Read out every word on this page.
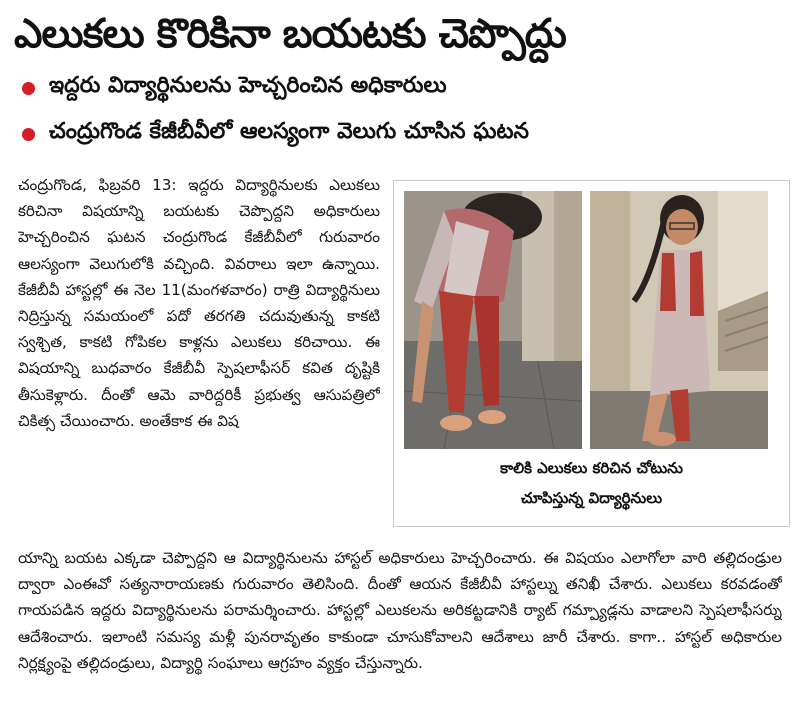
ఎలుకలు కొరికినా బయటకు చెప్పొద్దు
ఇద్దరు విద్యార్థినులను హెచ్చరించిన అధికారులు
చంద్రుగొండ కేజీబీవీలో ఆలస్యంగా వెలుగు చూసిన ఘటన

చంద్రుగొండ, ఫిబ్రవరి 13: ఇద్దరు విద్యార్థినులకు ఎలుకలు కరిచినా విషయాన్ని బయటకు చెప్పొద్దని అధికారులు హెచ్చరించిన ఘటన చంద్రుగొండ కేజీబీవీలో గురువారం ఆలస్యంగా వెలుగులోకి వచ్చింది. వివరాలు ఇలా ఉన్నాయి. కేజీబీవీ హాస్టల్లో ఈ నెల 11(మంగళవారం) రాత్రి విద్యార్థినులు నిద్రిస్తున్న సమయంలో పదో తరగతి చదువుతున్న కాకటి స్వశ్చిత, కాకటి గోపికల కాళ్లను ఎలుకలు కరిచాయి. ఈ విషయాన్ని బుధవారం కేజీబీవీ స్పెషలాఫీసర్ కవిత దృష్టికి తీసుకెళ్లారు. దీంతో ఆమె వారిద్దరికీ ప్రభుత్వ ఆసుపత్రిలో చికిత్స చేయించారు. అంతేకాక ఈ విష

కాలికి ఎలుకలు కరిచిన చోటును
చూపిస్తున్న విద్యార్థినులు

యాన్ని బయట ఎక్కడా చెప్పొద్దని ఆ విద్యార్థినులను హాస్టల్ అధికారులు హెచ్చరించారు. ఈ విషయం ఎలాగోలా వారి తల్లిదండ్రుల ద్వారా ఎంఈవో సత్యనారాయణకు గురువారం తెలిసింది. దీంతో ఆయన కేజీబీవీ హాస్టల్ను తనిఖీ చేశారు. ఎలుకలు కరవడంతో గాయపడిన ఇద్దరు విద్యార్థినులను పరామర్శించారు. హాస్టల్లో ఎలుకలను అరికట్టడానికి ర్యాట్ గమ్ప్యాడ్లను వాడాలని స్పెషలాఫీసర్ను ఆదేశించారు. ఇలాంటి సమస్య మళ్లీ పునరావృతం కాకుండా చూసుకోవాలని ఆదేశాలు జారీ చేశారు. కాగా.. హాస్టల్ అధికారుల నిర్లక్ష్యంపై తల్లిదండ్రులు, విద్యార్థి సంఘాలు ఆగ్రహం వ్యక్తం చేస్తున్నారు.
